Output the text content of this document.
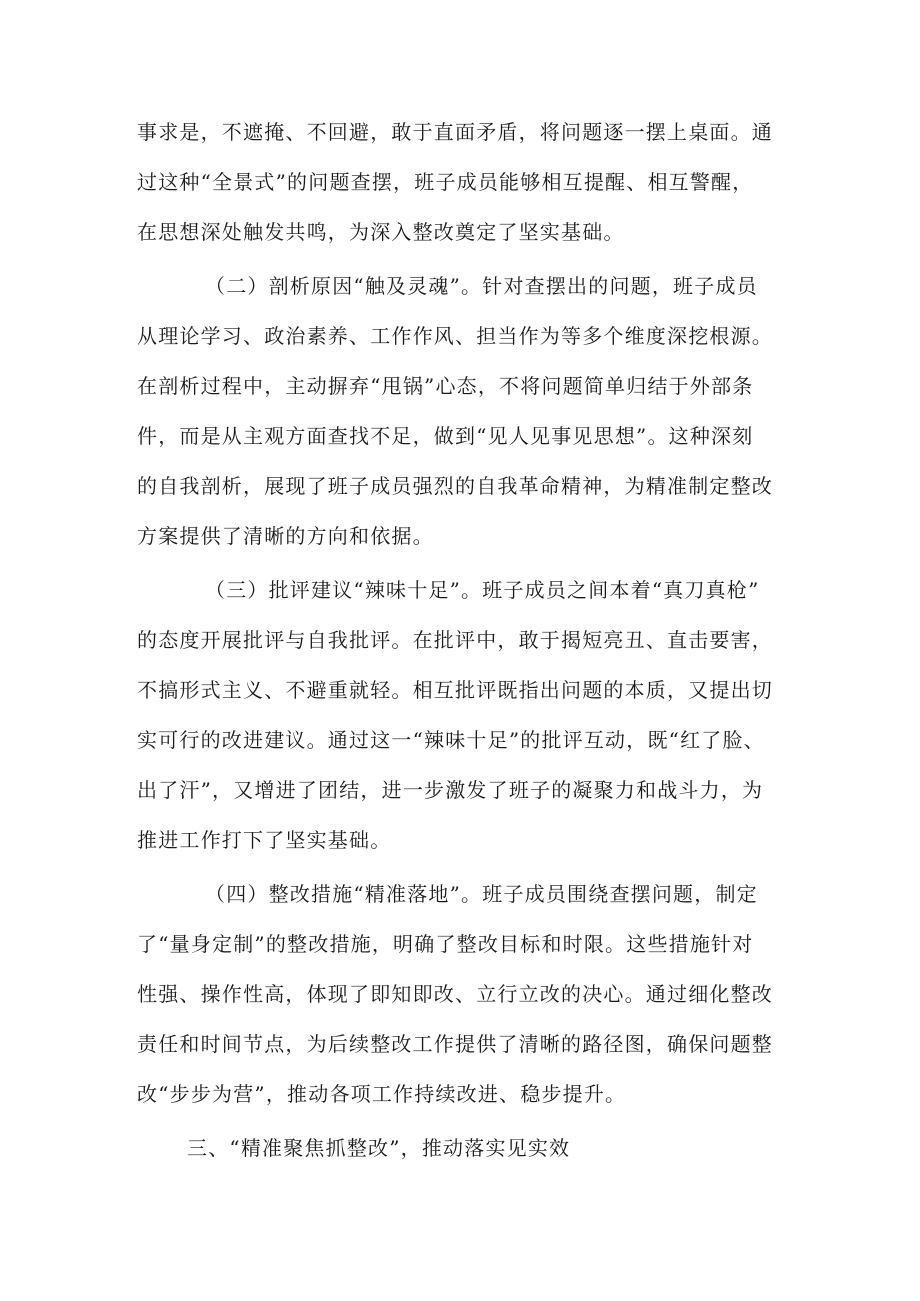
事求是，不遮掩、不回避，敢于直面矛盾，将问题逐一摆上桌面。通
过这种“全景式”的问题查摆，班子成员能够相互提醒、相互警醒，
在思想深处触发共鸣，为深入整改奠定了坚实基础。
（二）剖析原因“触及灵魂”。针对查摆出的问题，班子成员
从理论学习、政治素养、工作作风、担当作为等多个维度深挖根源。
在剖析过程中，主动摒弃“甩锅”心态，不将问题简单归结于外部条
件，而是从主观方面查找不足，做到“见人见事见思想”。这种深刻
的自我剖析，展现了班子成员强烈的自我革命精神，为精准制定整改
方案提供了清晰的方向和依据。
（三）批评建议“辣味十足”。班子成员之间本着“真刀真枪”
的态度开展批评与自我批评。在批评中，敢于揭短亮丑、直击要害，
不搞形式主义、不避重就轻。相互批评既指出问题的本质，又提出切
实可行的改进建议。通过这一“辣味十足”的批评互动，既“红了脸、
出了汗”，又增进了团结，进一步激发了班子的凝聚力和战斗力，为
推进工作打下了坚实基础。
（四）整改措施“精准落地”。班子成员围绕查摆问题，制定
了“量身定制”的整改措施，明确了整改目标和时限。这些措施针对
性强、操作性高，体现了即知即改、立行立改的决心。通过细化整改
责任和时间节点，为后续整改工作提供了清晰的路径图，确保问题整
改“步步为营”，推动各项工作持续改进、稳步提升。
三、“精准聚焦抓整改”，推动落实见实效
